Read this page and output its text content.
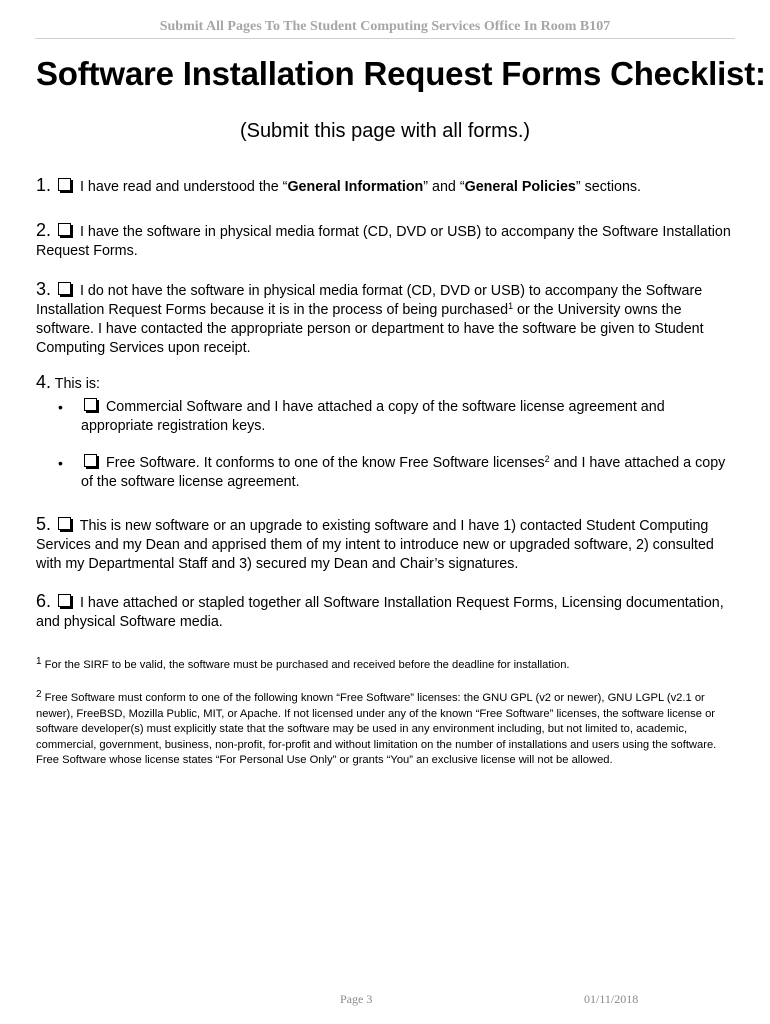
Submit All Pages To The Student Computing Services Office In Room B107
Software Installation Request Forms Checklist:
(Submit this page with all forms.)
1. I have read and understood the “General Information” and “General Policies” sections.
2. I have the software in physical media format (CD, DVD or USB) to accompany the Software Installation Request Forms.
3. I do not have the software in physical media format (CD, DVD or USB) to accompany the Software Installation Request Forms because it is in the process of being purchased$^1$ or the University owns the software. I have contacted the appropriate person or department to have the software be given to Student Computing Services upon receipt.
4. This is:
•	Commercial Software and I have attached a copy of the software license agreement and appropriate registration keys.
•	Free Software. It conforms to one of the know Free Software licenses$^2$ and I have attached a copy of the software license agreement.
5. This is new software or an upgrade to existing software and I have 1) contacted Student Computing Services and my Dean and apprised them of my intent to introduce new or upgraded software, 2) consulted with my Departmental Staff and 3) secured my Dean and Chair’s signatures.
6. I have attached or stapled together all Software Installation Request Forms, Licensing documentation, and physical Software media.
$^1$ For the SIRF to be valid, the software must be purchased and received before the deadline for installation.
$^2$ Free Software must conform to one of the following known “Free Software” licenses: the GNU GPL (v2 or newer), GNU LGPL (v2.1 or newer), FreeBSD, Mozilla Public, MIT, or Apache. If not licensed under any of the known “Free Software” licenses, the software license or software developer(s) must explicitly state that the software may be used in any environment including, but not limited to, academic, commercial, government, business, non-profit, for-profit and without limitation on the number of installations and users using the software. Free Software whose license states “For Personal Use Only” or grants “You” an exclusive license will not be allowed.
Page 3	01/11/2018
